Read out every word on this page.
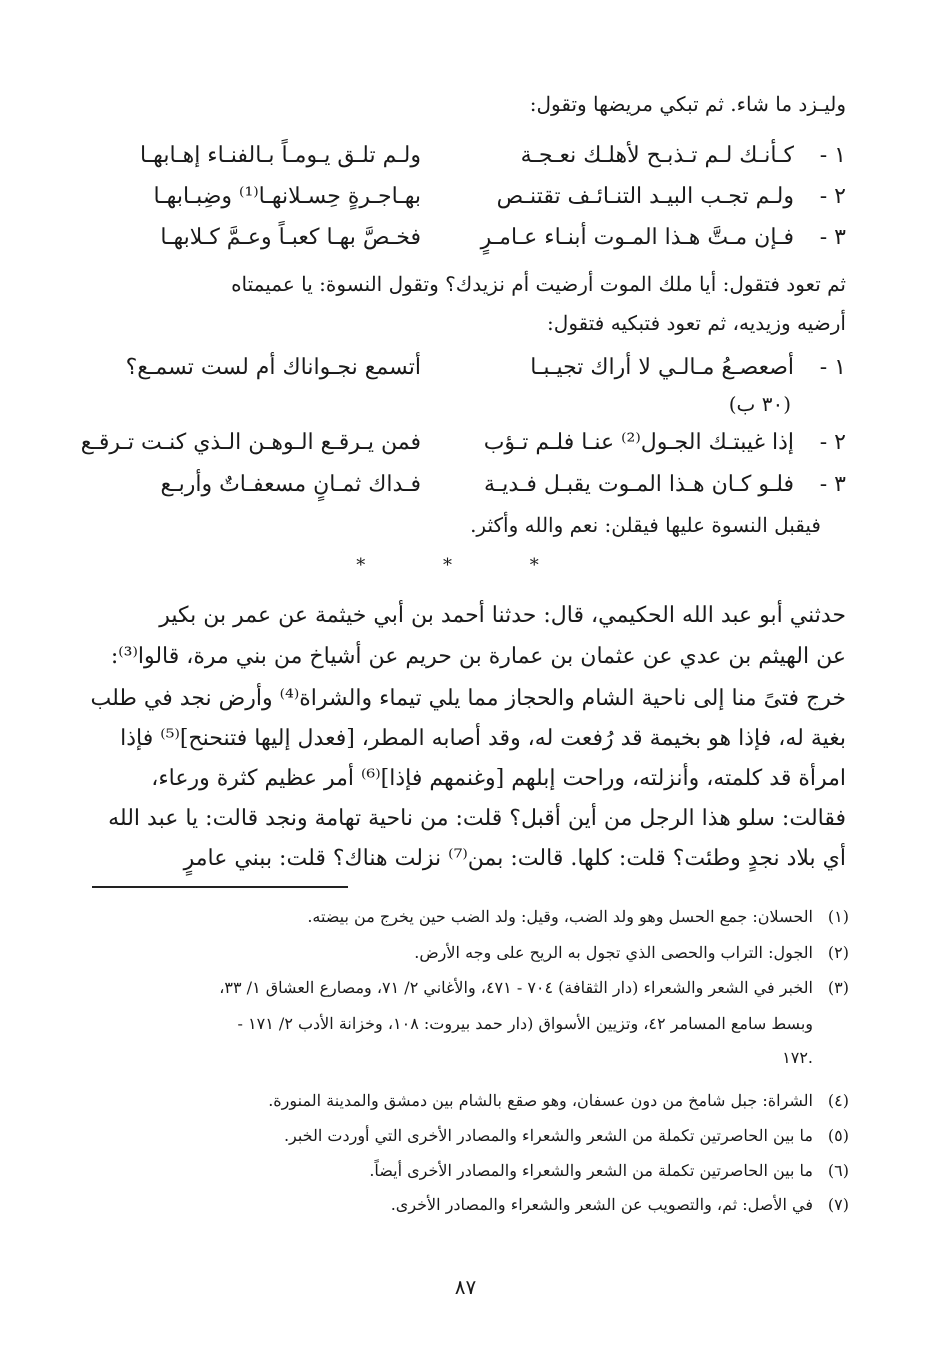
وليـزد ما شاء. ثم تبكي مريضها وتقول:
١ -
كـأنـك لـم تـذبـح لأهلـك نعـجـة
ولـم تلـق يـومـاً بـالفنـاء إهـابهـا
٢ -
ولـم تجـب البيـد التنـائـف تقتنـص
بهـاجـرةٍ حِسـلانهـا⁽¹⁾ وضِبـابهـا
٣ -
فـإن مـتَّ هـذا المـوت أبنـاء عـامـرٍ
فخـصَّ بهـا كعبـاً وعـمَّ كـلابهـا
ثم تعود فتقول: أيا ملك الموت أرضيت أم نزيدك؟ وتقول النسوة: يا عميمتاه
أرضيه وزيديه، ثم تعود فتبكيه فتقول:
١ -
أصعصـعُ مـالـي لا أراك تجيـبـا
أتسمع نجـواناك أم لست تسمـع؟
(٣٠ ب)
٢ -
إذا غيبتـك الجـول⁽²⁾ عنـا فلـم تـؤب
فمن يـرقـع الـوهـن الـذي كنـت تـرقـع
٣ -
فلـو كـان هـذا المـوت يقبـل فـديـة
فـداك ثمـانٍ مسعفـاتٌ وأربـع
فيقبل النسوة عليها فيقلن: نعم والله وأكثر.
* * *
حدثني أبو عبد الله الحكيمي، قال: حدثنا أحمد بن أبي خيثمة عن عمر بن بكير
عن الهيثم بن عدي عن عثمان بن عمارة بن حريم عن أشياخ من بني مرة، قالوا⁽³⁾:
خرج فتىً منا إلى ناحية الشام والحجاز مما يلي تيماء والشراة⁽⁴⁾ وأرض نجد في طلب
بغية له، فإذا هو بخيمة قد رُفعت له، وقد أصابه المطر، [فعدل إليها فتنحنح]⁽⁵⁾ فإذا
امرأة قد كلمته، وأنزلته، وراحت إبلهم [وغنمهم فإذا]⁽⁶⁾ أمر عظيم كثرة ورعاء،
فقالت: سلو هذا الرجل من أين أقبل؟ قلت: من ناحية تهامة ونجد قالت: يا عبد الله
أي بلاد نجدٍ وطئت؟ قلت: كلها. قالت: بمن⁽⁷⁾ نزلت هناك؟ قلت: ببني عامرٍ
(١)الحسلان: جمع الحسل وهو ولد الضب، وقيل: ولد الضب حين يخرج من بيضته.
(٢)الجول: التراب والحصى الذي تجول به الريح على وجه الأرض.
(٣)الخبر في الشعر والشعراء (دار الثقافة) ٧٠٤ - ٤٧١، والأغاني ٢/ ٧١، ومصارع العشاق ١/ ٣٣،
وبسط سامع المسامر ٤٢، وتزيين الأسواق (دار حمد بيروت: ١٠٨، وخزانة الأدب ٢/ ١٧١ -
.١٧٢
(٤)الشراة: جبل شامخ من دون عسفان، وهو صقع بالشام بين دمشق والمدينة المنورة.
(٥)ما بين الحاصرتين تكملة من الشعر والشعراء والمصادر الأخرى التي أوردت الخبر.
(٦)ما بين الحاصرتين تكملة من الشعر والشعراء والمصادر الأخرى أيضاً.
(٧)في الأصل: ثم، والتصويب عن الشعر والشعراء والمصادر الأخرى.
٨٧
